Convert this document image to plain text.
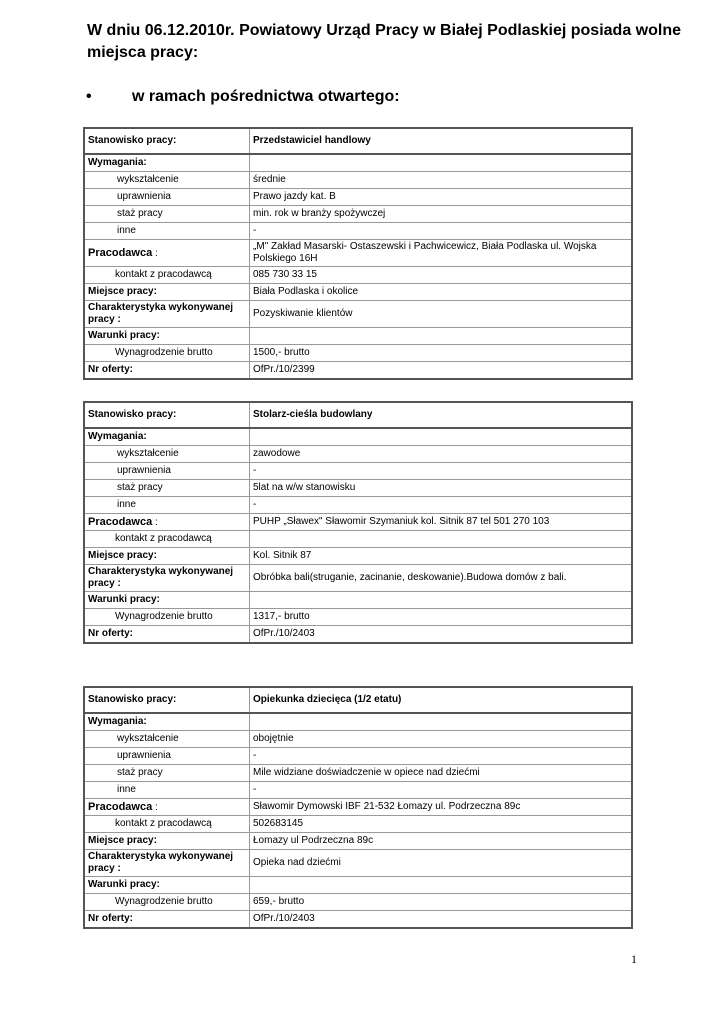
W dniu 06.12.2010r. Powiatowy Urząd Pracy w Białej Podlaskiej posiada wolne miejsca pracy:
•	w ramach pośrednictwa otwartego:
Stanowisko pracy:	Przedstawiciel handlowy
Wymagania:	
wykształcenie	średnie
uprawnienia	Prawo jazdy kat. B
staż pracy	min. rok w branży spożywczej
inne	-
Pracodawca :	„M" Zakład Masarski- Ostaszewski i Pachwicewicz, Biała Podlaska ul. Wojska Polskiego 16H
kontakt z pracodawcą	085 730 33 15
Miejsce pracy:	Biała Podlaska i okolice
Charakterystyka wykonywanej pracy :	Pozyskiwanie klientów
Warunki pracy:	
Wynagrodzenie brutto	1500,- brutto
Nr oferty:	OfPr./10/2399
Stanowisko pracy:	Stolarz-cieśla budowlany
Wymagania:	
wykształcenie	zawodowe
uprawnienia	-
staż pracy	5lat na w/w stanowisku
inne	-
Pracodawca :	PUHP „Sławex" Sławomir Szymaniuk kol. Sitnik 87 tel 501 270 103
kontakt z pracodawcą	
Miejsce pracy:	Kol. Sitnik 87
Charakterystyka wykonywanej pracy :	Obróbka bali(struganie, zacinanie, deskowanie).Budowa domów z bali.
Warunki pracy:	
Wynagrodzenie brutto	1317,- brutto
Nr oferty:	OfPr./10/2403
Stanowisko pracy:	Opiekunka dziecięca (1/2 etatu)
Wymagania:	
wykształcenie	obojętnie
uprawnienia	-
staż pracy	Mile widziane doświadczenie w opiece nad dziećmi
inne	-
Pracodawca :	Sławomir Dymowski IBF 21-532 Łomazy ul. Podrzeczna 89c
kontakt z pracodawcą	502683145
Miejsce pracy:	Łomazy ul Podrzeczna 89c
Charakterystyka wykonywanej pracy :	Opieka nad dziećmi
Warunki pracy:	
Wynagrodzenie brutto	659,- brutto
Nr oferty:	OfPr./10/2403
1
